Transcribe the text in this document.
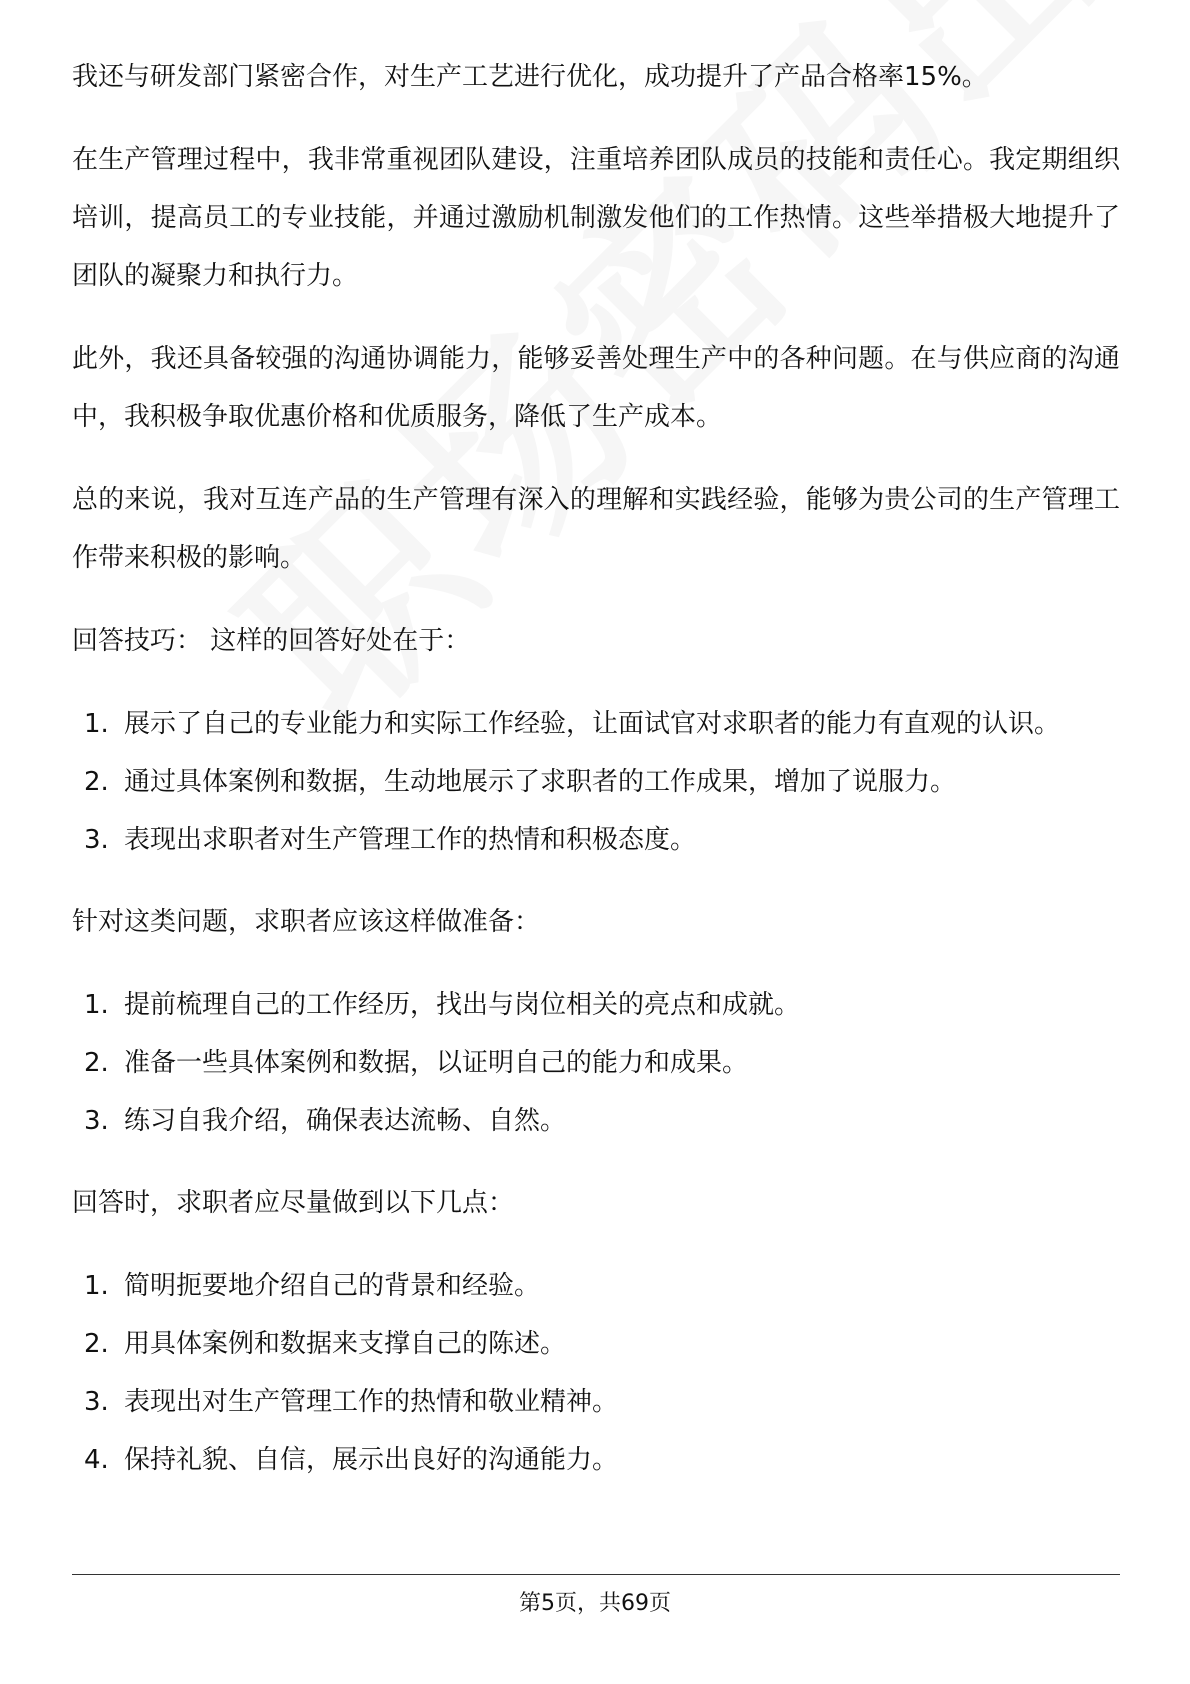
我还与研发部门紧密合作，对生产工艺进行优化，成功提升了产品合格率15%。

在生产管理过程中，我非常重视团队建设，注重培养团队成员的技能和责任心。我定期组织培训，提高员工的专业技能，并通过激励机制激发他们的工作热情。这些举措极大地提升了团队的凝聚力和执行力。

此外，我还具备较强的沟通协调能力，能够妥善处理生产中的各种问题。在与供应商的沟通中，我积极争取优惠价格和优质服务，降低了生产成本。

总的来说，我对互连产品的生产管理有深入的理解和实践经验，能够为贵公司的生产管理工作带来积极的影响。

回答技巧： 这样的回答好处在于：

1. 展示了自己的专业能力和实际工作经验，让面试官对求职者的能力有直观的认识。
2. 通过具体案例和数据，生动地展示了求职者的工作成果，增加了说服力。
3. 表现出求职者对生产管理工作的热情和积极态度。

针对这类问题，求职者应该这样做准备：

1. 提前梳理自己的工作经历，找出与岗位相关的亮点和成就。
2. 准备一些具体案例和数据，以证明自己的能力和成果。
3. 练习自我介绍，确保表达流畅、自然。

回答时，求职者应尽量做到以下几点：

1. 简明扼要地介绍自己的背景和经验。
2. 用具体案例和数据来支撑自己的陈述。
3. 表现出对生产管理工作的热情和敬业精神。
4. 保持礼貌、自信，展示出良好的沟通能力。
第5页，共69页
